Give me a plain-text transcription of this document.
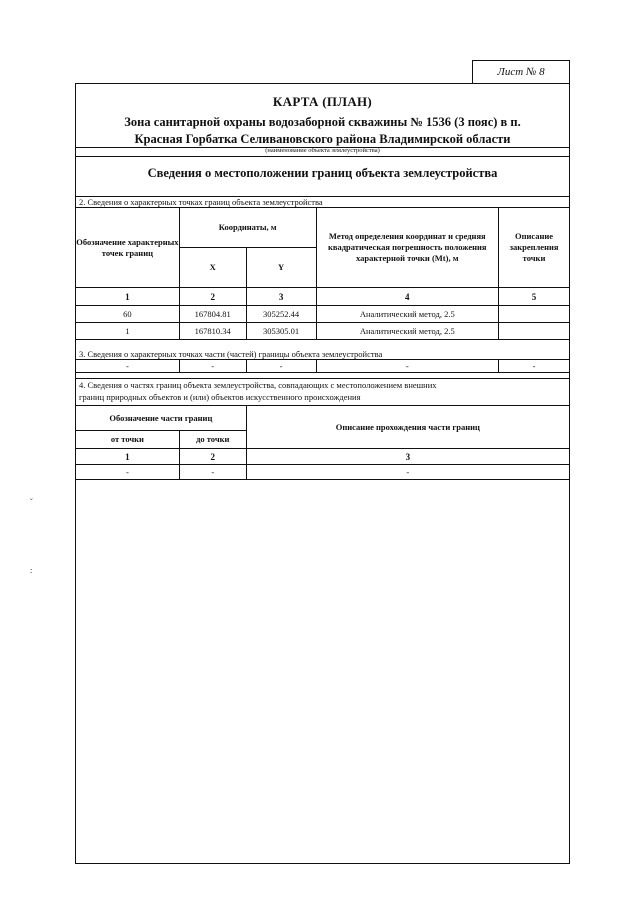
Лист № 8
КАРТА (ПЛАН)
Зона санитарной охраны водозаборной скважины № 1536 (3 пояс) в п.
Красная Горбатка Селивановского района Владимирской области
(наименование объекта землеустройства)
Сведения о местоположении границ объекта землеустройства
2. Сведения о характерных точках границ объекта землеустройства
Обозначение характерных точек границ	Координаты, м		Метод определения координат и средняя квадратическая погрешность положения характерной точки (Mt), м	Описание закрепления точки
	X	Y		
1	2	3	4	5
60	167804.81	305252.44	Аналитический метод, 2.5	
1	167810.34	305305.01	Аналитический метод, 2.5	
3. Сведения о характерных точках части (частей) границы объекта землеустройства
-	-	-	-	-
4. Сведения о частях границ объекта землеустройства, совпадающих с местоположением внешних
границ природных объектов и (или) объектов искусственного происхождения
Обозначение части границ		Описание прохождения части границ
от точки	до точки	
1	2	3
-	-	-
˘
:
